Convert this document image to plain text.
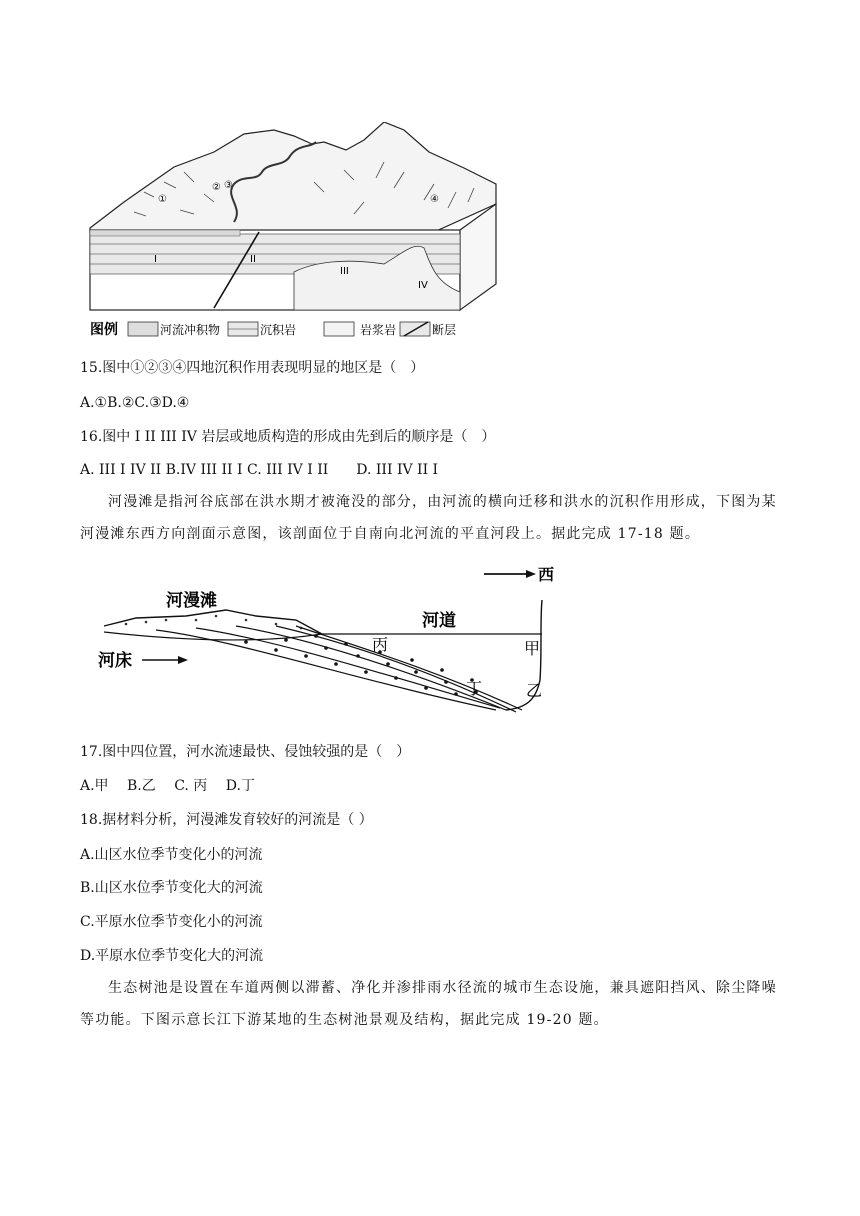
①
② ③
④
I	II
III
IV
图例	河流冲积物	沉积岩	岩浆岩	断层
15.图中①②③④四地沉积作用表现明显的地区是（　）
A.①B.②C.③D.④
16.图中 I II III IV 岩层或地质构造的形成由先到后的顺序是（　）
A. III I IV II B.IV III II I C. III IV I II　　D. III IV II I
河漫滩是指河谷底部在洪水期才被淹没的部分，由河流的横向迁移和洪水的沉积作用形成，下图为某河漫滩东西方向剖面示意图，该剖面位于自南向北河流的平直河段上。据此完成 17-18 题。
西
河漫滩
河道
河床
丙	甲
丁	乙
17.图中四位置，河水流速最快、侵蚀较强的是（　）
A.甲　 B.乙　 C. 丙　 D.丁
18.据材料分析，河漫滩发育较好的河流是（ ）
A.山区水位季节变化小的河流
B.山区水位季节变化大的河流
C.平原水位季节变化小的河流
D.平原水位季节变化大的河流
生态树池是设置在车道两侧以滞蓄、净化并渗排雨水径流的城市生态设施，兼具遮阳挡风、除尘降噪等功能。下图示意长江下游某地的生态树池景观及结构，据此完成 19-20 题。
